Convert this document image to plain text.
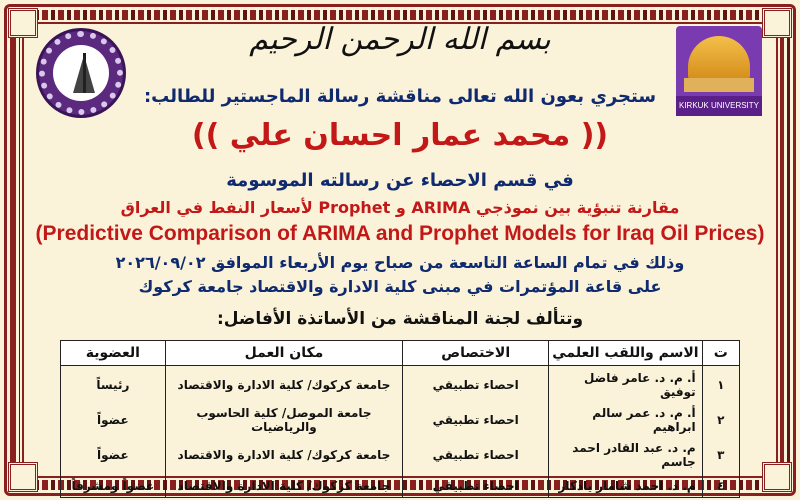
KIRKUK UNIVERSITY
بسم الله الرحمن الرحيم
ستجري بعون الله تعالى مناقشة رسالة الماجستير للطالب:
(( محمد عمار احسان علي ))
في قسم الاحصاء عن رسالته الموسومة
مقارنة تنبؤية بين نموذجي ARIMA و Prophet لأسعار النفط في العراق
(Predictive Comparison of ARIMA and Prophet Models for Iraq Oil Prices)
وذلك في تمام الساعة التاسعة من صباح يوم الأربعاء الموافق ٢٠٢٦/٠٩/٠٢
على قاعة المؤتمرات في مبنى كلية الادارة والاقتصاد جامعة كركوك
وتتألف لجنة المناقشة من الأساتذة الأفاضل:
ت	الاسم واللقب العلمي	الاختصاص	مكان العمل	العضوية
١	أ. م. د. عامر فاضل توفيق	احصاء تطبيقي	جامعة كركوك/ كلية الادارة والاقتصاد	رئيساً
٢	أ. م. د. عمر سالم ابراهيم	احصاء تطبيقي	جامعة الموصل/ كلية الحاسوب والرياضيات	عضواً
٣	م. د. عبد القادر احمد جاسم	احصاء تطبيقي	جامعة كركوك/ كلية الادارة والاقتصاد	عضواً
٤	م. د. احمد شامار يادكار	احصاء تطبيقي	جامعة كركوك/ كلية الادارة والاقتصاد	عضواً ومشرفاً
